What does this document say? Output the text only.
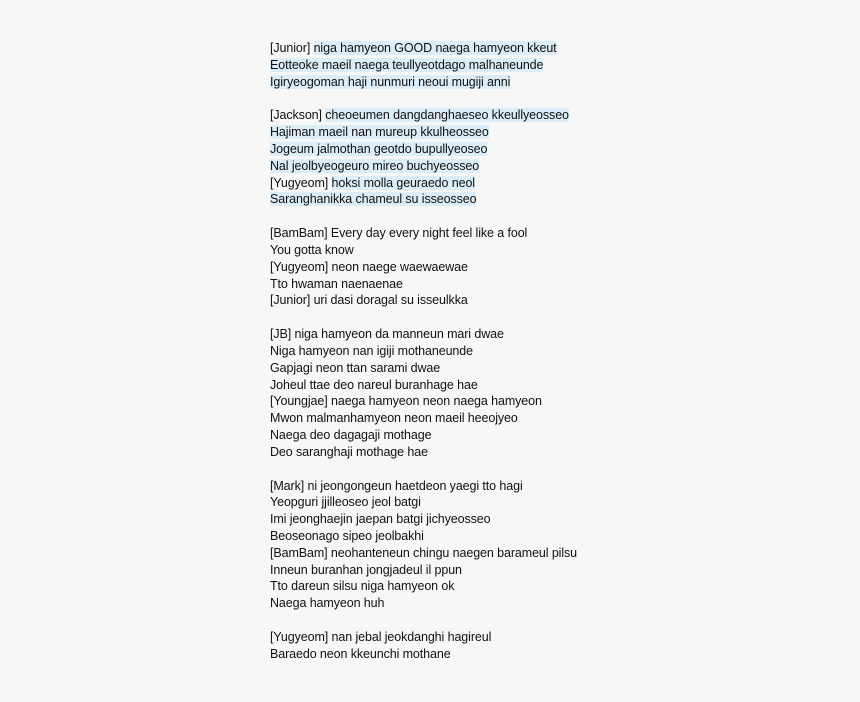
[Junior] niga hamyeon GOOD naega hamyeon kkeut
Eotteoke maeil naega teullyeotdago malhaneunde
Igiryeogoman haji nunmuri neoui mugiji anni
[Jackson] cheoeumen dangdanghaeseo kkeullyeosseo
Hajiman maeil nan mureup kkulheosseo
Jogeum jalmothan geotdo bupullyeoseo
Nal jeolbyeogeuro mireo buchyeosseo
[Yugyeom] hoksi molla geuraedo neol
Saranghanikka chameul su isseosseo
[BamBam] Every day every night feel like a fool
You gotta know
[Yugyeom] neon naege waewaewae
Tto hwaman naenaenae
[Junior] uri dasi doragal su isseulkka
[JB] niga hamyeon da manneun mari dwae
Niga hamyeon nan igiji mothaneunde
Gapjagi neon ttan sarami dwae
Joheul ttae deo nareul buranhage hae
[Youngjae] naega hamyeon neon naega hamyeon
Mwon malmanhamyeon neon maeil heeojyeo
Naega deo dagagaji mothage
Deo saranghaji mothage hae
[Mark] ni jeongongeun haetdeon yaegi tto hagi
Yeopguri jjilleoseo jeol batgi
Imi jeonghaejin jaepan batgi jichyeosseo
Beoseonago sipeo jeolbakhi
[BamBam] neohanteneun chingu naegen barameul pilsu
Inneun buranhan jongjadeul il ppun
Tto dareun silsu niga hamyeon ok
Naega hamyeon huh
[Yugyeom] nan jebal jeokdanghi hagireul
Baraedo neon kkeunchi mothane
